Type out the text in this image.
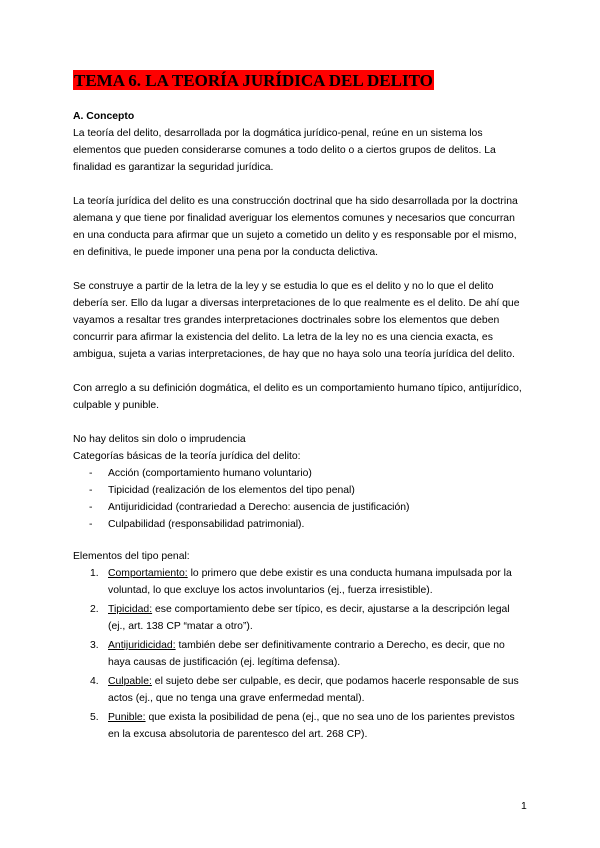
TEMA 6. LA TEORÍA JURÍDICA DEL DELITO

A. Concepto

La teoría del delito, desarrollada por la dogmática jurídico-penal, reúne en un sistema los elementos que pueden considerarse comunes a todo delito o a ciertos grupos de delitos. La finalidad es garantizar la seguridad jurídica.

La teoría jurídica del delito es una construcción doctrinal que ha sido desarrollada por la doctrina alemana y que tiene por finalidad averiguar los elementos comunes y necesarios que concurran en una conducta para afirmar que un sujeto a cometido un delito y es responsable por el mismo, en definitiva, le puede imponer una pena por la conducta delictiva.

Se construye a partir de la letra de la ley y se estudia lo que es el delito y no lo que el delito debería ser. Ello da lugar a diversas interpretaciones de lo que realmente es el delito. De ahí que vayamos a resaltar tres grandes interpretaciones doctrinales sobre los elementos que deben concurrir para afirmar la existencia del delito. La letra de la ley no es una ciencia exacta, es ambigua, sujeta a varias interpretaciones, de hay que no haya solo una teoría jurídica del delito.

Con arreglo a su definición dogmática, el delito es un comportamiento humano típico, antijurídico, culpable y punible.

No hay delitos sin dolo o imprudencia

Categorías básicas de la teoría jurídica del delito:

- Acción (comportamiento humano voluntario)
- Tipicidad (realización de los elementos del tipo penal)
- Antijuridicidad (contrariedad a Derecho: ausencia de justificación)
- Culpabilidad (responsabilidad patrimonial).

Elementos del tipo penal:

1. Comportamiento: lo primero que debe existir es una conducta humana impulsada por la voluntad, lo que excluye los actos involuntarios (ej., fuerza irresistible).
2. Tipicidad: ese comportamiento debe ser típico, es decir, ajustarse a la descripción legal (ej., art. 138 CP “matar a otro”).
3. Antijuridicidad: también debe ser definitivamente contrario a Derecho, es decir, que no haya causas de justificación (ej. legítima defensa).
4. Culpable: el sujeto debe ser culpable, es decir, que podamos hacerle responsable de sus actos (ej., que no tenga una grave enfermedad mental).
5. Punible: que exista la posibilidad de pena (ej., que no sea uno de los parientes previstos en la excusa absolutoria de parentesco del art. 268 CP).
1
